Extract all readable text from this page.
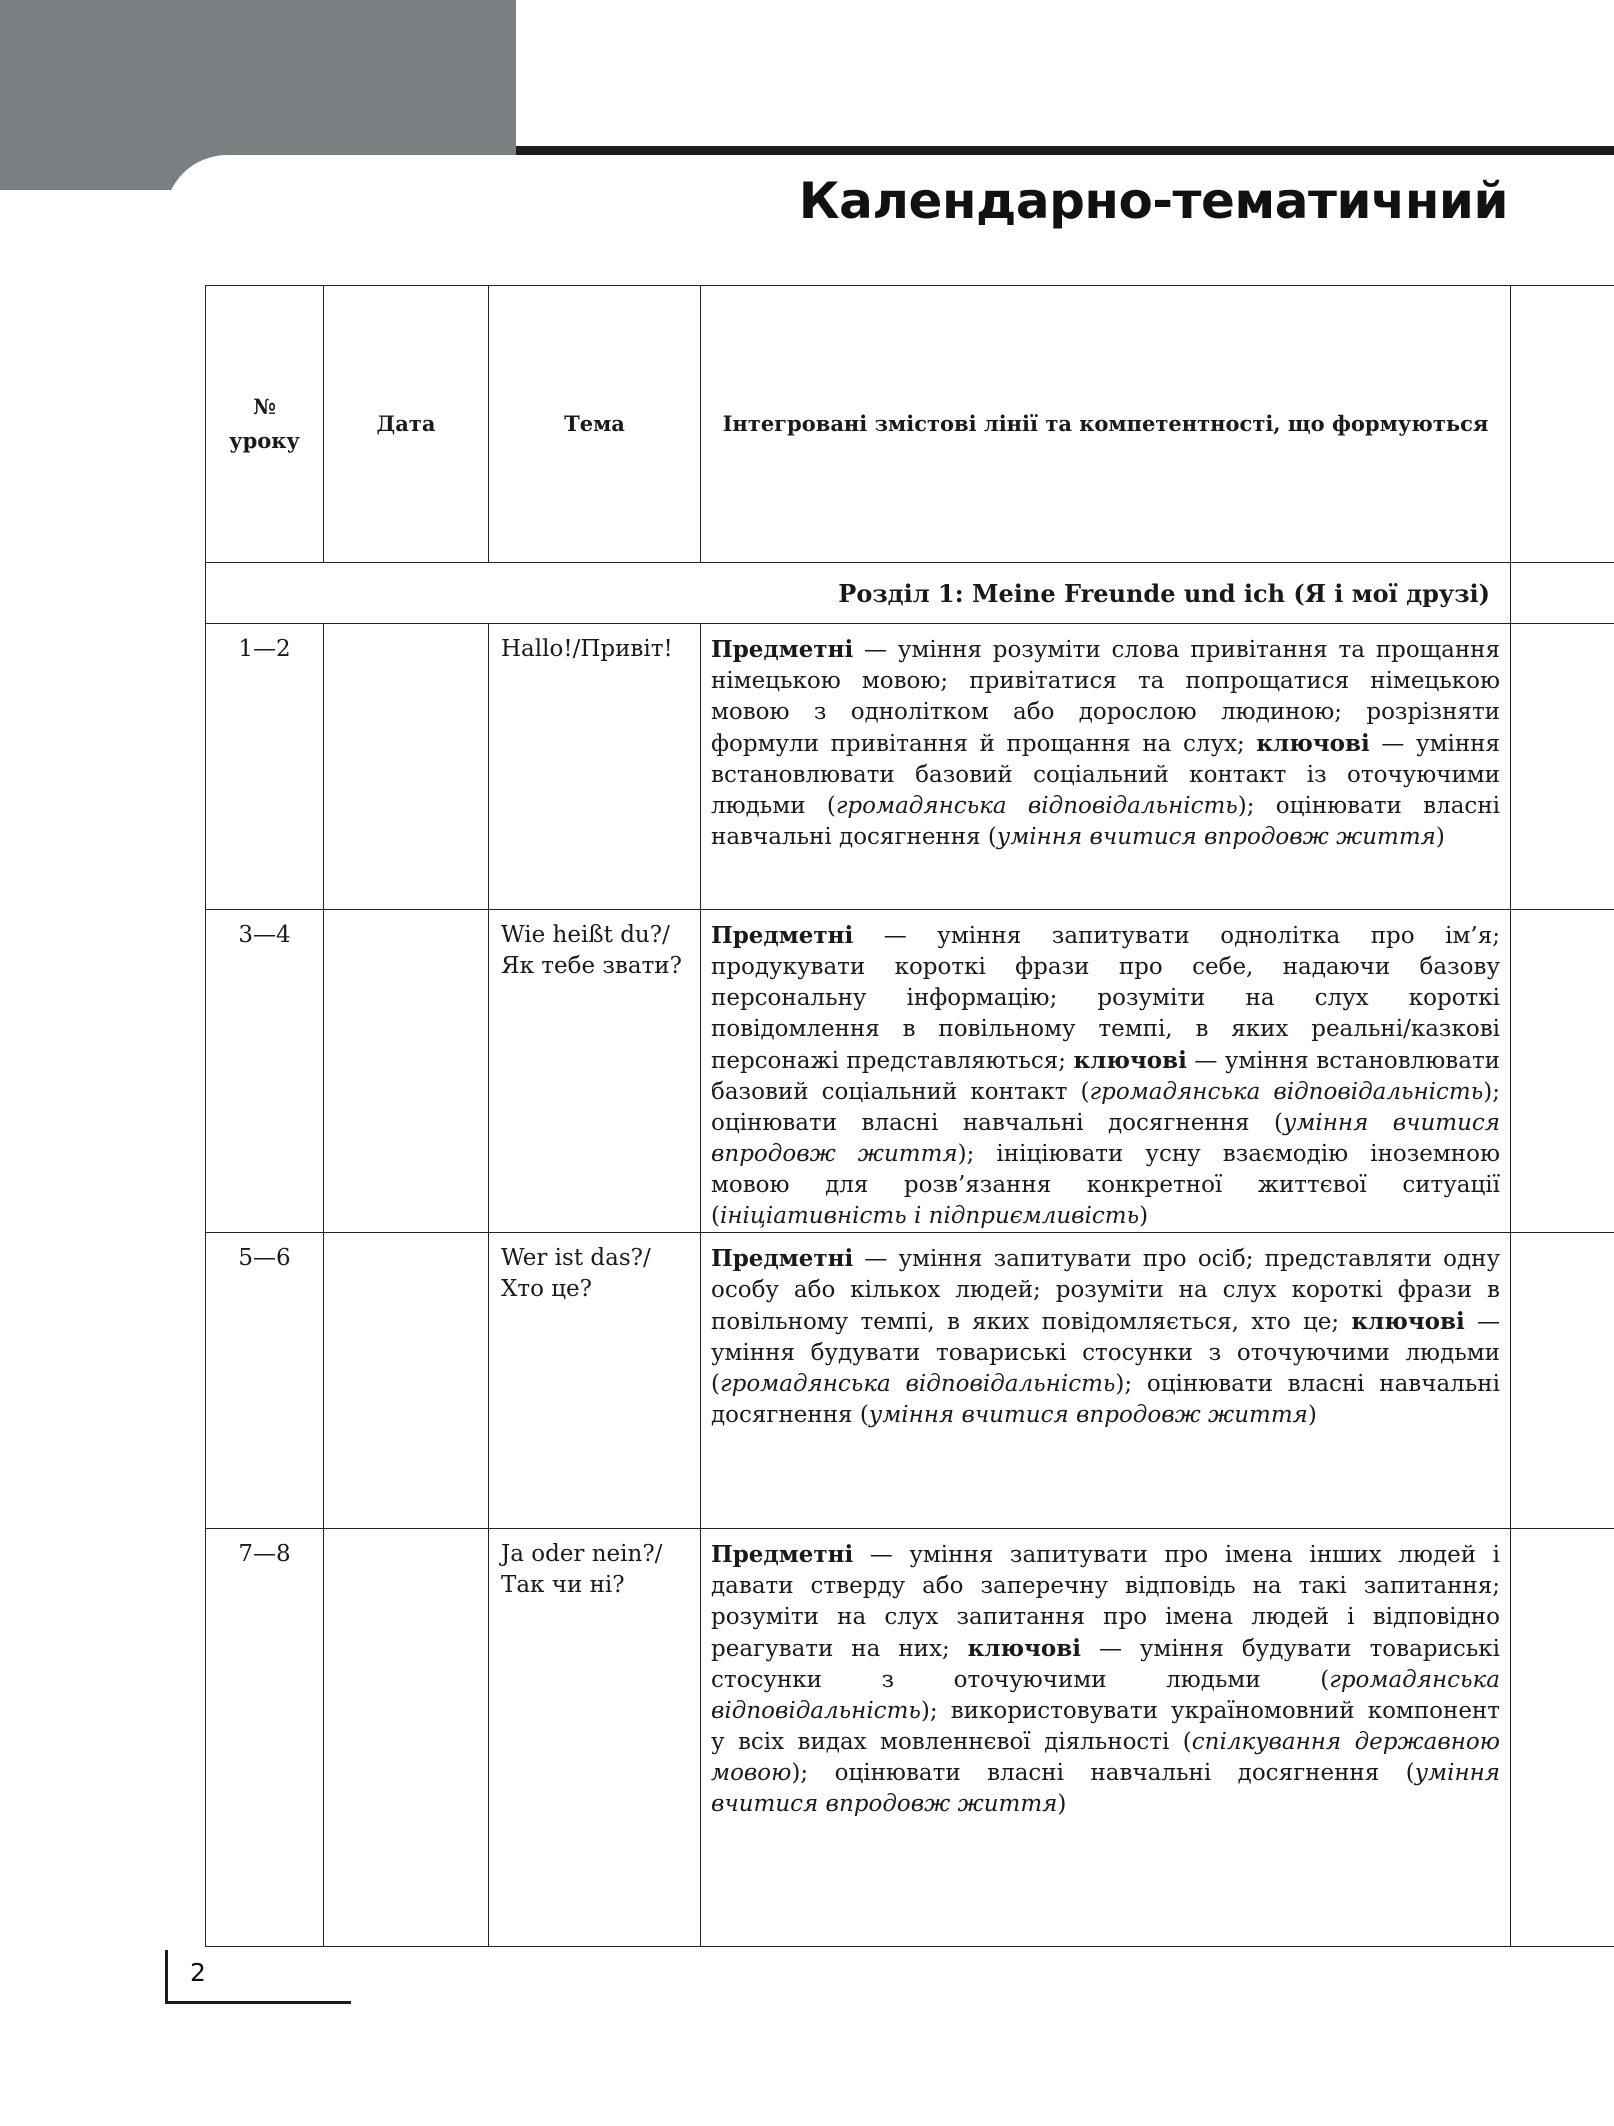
Календарно-тематичний
№
уроку	Дата	Тема	Інтегровані змістові лінії та компетентності, що формуються	
Розділ 1: Meine Freunde und ich (Я і мої друзі)				
1—2		Hallo!/Привіт!	Предметні — уміння розуміти слова привітання та прощання німецькою мовою; привітатися та попрощатися німецькою мовою з однолітком або дорослою людиною; розрізняти формули привітання й прощання на слух; ключові — уміння встановлювати базовий соціальний контакт із оточуючими людьми (громадянська відповідальність); оцінювати власні навчальні досягнення (уміння вчитися впродовж життя)	
3—4		Wie heißt du?/ Як тебе звати?	Предметні — уміння запитувати однолітка про ім’я; продукувати короткі фрази про себе, надаючи базову персональну інформацію; розуміти на слух короткі повідомлення в повільному темпі, в яких реальні/казкові персонажі представляються; ключові — уміння встановлювати базовий соціальний контакт (громадянська відповідальність); оцінювати власні навчальні досягнення (уміння вчитися впродовж життя); ініціювати усну взаємодію іноземною мовою для розв’язання конкретної життєвої ситуації (ініціативність і підприємливість)	
5—6		Wer ist das?/ Хто це?	Предметні — уміння запитувати про осіб; представляти одну особу або кількох людей; розуміти на слух короткі фрази в повільному темпі, в яких повідомляється, хто це; ключові — уміння будувати товариські стосунки з оточуючими людьми (громадянська відповідальність); оцінювати власні навчальні досягнення (уміння вчитися впродовж життя)	
7—8		Ja oder nein?/ Так чи ні?	Предметні — уміння запитувати про імена інших людей і давати стверду або заперечну відповідь на такі запитання; розуміти на слух запитання про імена людей і відповідно реагувати на них; ключові — уміння будувати товариські стосунки з оточуючими людьми (громадянська відповідальність); використовувати україномовний компонент у всіх видах мовленнєвої діяльності (спілкування державною мовою); оцінювати власні навчальні досягнення (уміння вчитися впродовж життя)	
2
